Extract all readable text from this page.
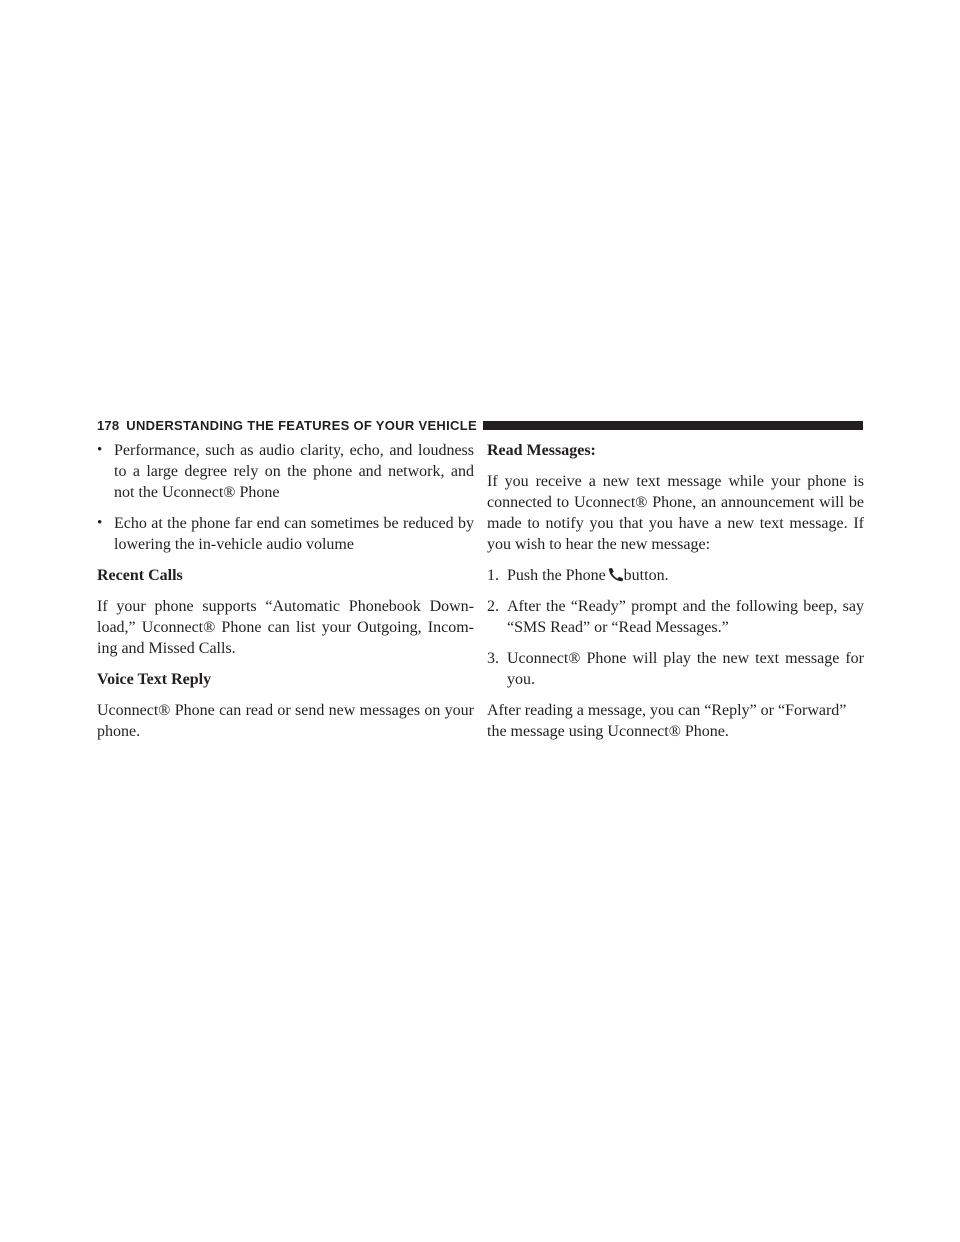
178 UNDERSTANDING THE FEATURES OF YOUR VEHICLE
• Performance, such as audio clarity, echo, and loudness to a large degree rely on the phone and network, and not the Uconnect® Phone
• Echo at the phone far end can sometimes be reduced by lowering the in-vehicle audio volume
Recent Calls

If your phone supports “Automatic Phonebook Down-load,” Uconnect® Phone can list your Outgoing, Incom-ing and Missed Calls.

Voice Text Reply

Uconnect® Phone can read or send new messages on your phone.

Read Messages:

If you receive a new text message while your phone is connected to Uconnect® Phone, an announcement will be made to notify you that you have a new text message. If you wish to hear the new message:

1. Push the Phone button.
2. After the “Ready” prompt and the following beep, say “SMS Read” or “Read Messages.”
3. Uconnect® Phone will play the new text message for you.

After reading a message, you can “Reply” or “Forward” the message using Uconnect® Phone.
